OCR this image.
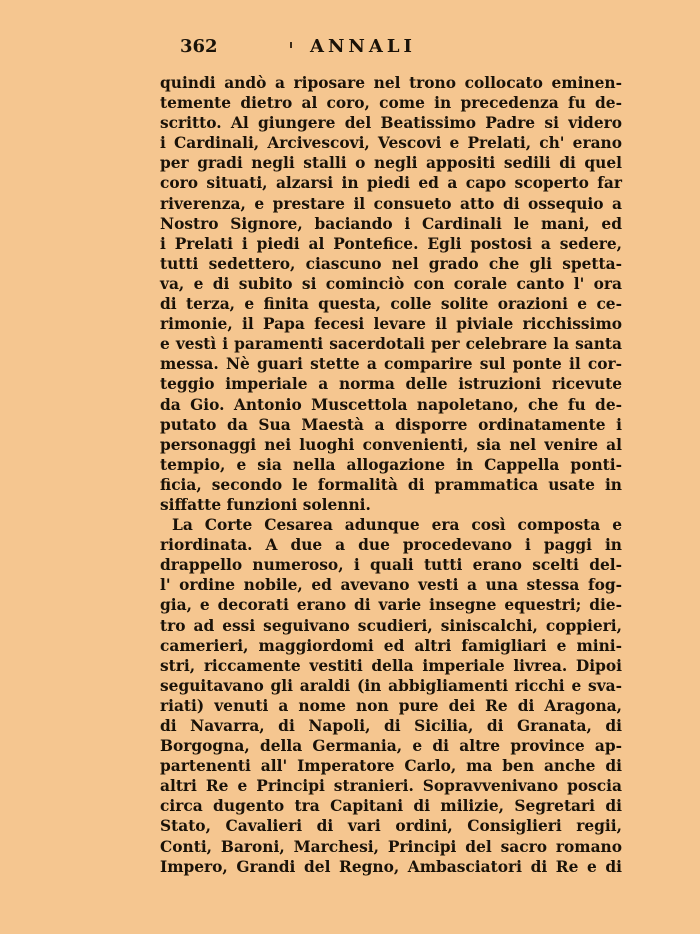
362	ANNALI
quindi andò a riposare nel trono collocato eminen-
temente dietro al coro, come in precedenza fu de-
scritto. Al giungere del Beatissimo Padre si videro
i Cardinali, Arcivescovi, Vescovi e Prelati, ch' erano
per gradi negli stalli o negli appositi sedili di quel
coro situati, alzarsi in piedi ed a capo scoperto far
riverenza, e prestare il consueto atto di ossequio a
Nostro Signore, baciando i Cardinali le mani, ed
i Prelati i piedi al Pontefice. Egli postosi a sedere,
tutti sedettero, ciascuno nel grado che gli spetta-
va, e di subito si cominciò con corale canto l' ora
di terza, e finita questa, colle solite orazioni e ce-
rimonie, il Papa fecesi levare il piviale ricchissimo
e vestì i paramenti sacerdotali per celebrare la santa
messa. Nè guari stette a comparire sul ponte il cor-
teggio imperiale a norma delle istruzioni ricevute
da Gio. Antonio Muscettola napoletano, che fu de-
putato da Sua Maestà a disporre ordinatamente i
personaggi nei luoghi convenienti, sia nel venire al
tempio, e sia nella allogazione in Cappella ponti-
ficia, secondo le formalità di prammatica usate in
siffatte funzioni solenni.
La Corte Cesarea adunque era così composta e
riordinata. A due a due procedevano i paggi in
drappello numeroso, i quali tutti erano scelti del-
l' ordine nobile, ed avevano vesti a una stessa fog-
gia, e decorati erano di varie insegne equestri; die-
tro ad essi seguivano scudieri, siniscalchi, coppieri,
camerieri, maggiordomi ed altri famigliari e mini-
stri, riccamente vestiti della imperiale livrea. Dipoi
seguitavano gli araldi (in abbigliamenti ricchi e sva-
riati) venuti a nome non pure dei Re di Aragona,
di Navarra, di Napoli, di Sicilia, di Granata, di
Borgogna, della Germania, e di altre province ap-
partenenti all' Imperatore Carlo, ma ben anche di
altri Re e Principi stranieri. Sopravvenivano poscia
circa dugento tra Capitani di milizie, Segretari di
Stato, Cavalieri di vari ordini, Consiglieri regii,
Conti, Baroni, Marchesi, Principi del sacro romano
Impero, Grandi del Regno, Ambasciatori di Re e di
